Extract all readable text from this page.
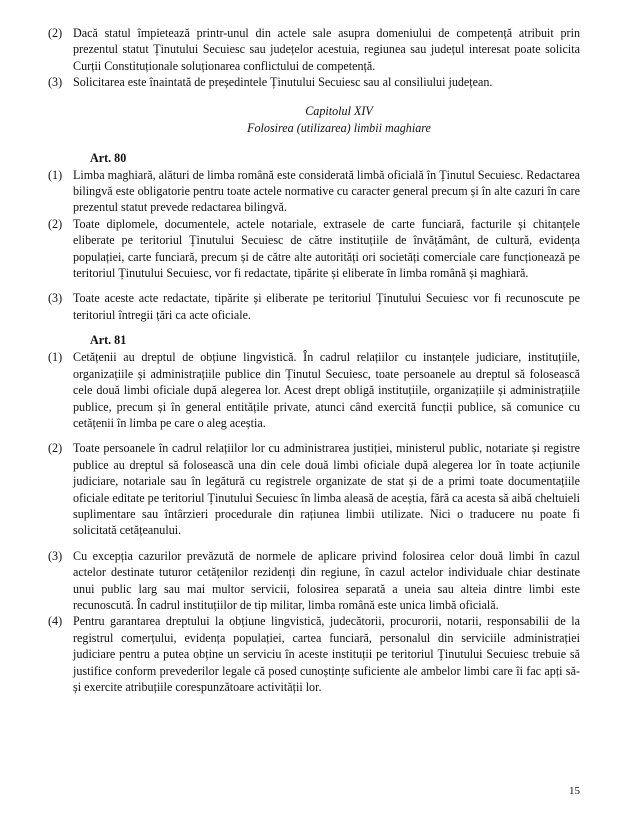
(2) Dacă statul împietează printr-unul din actele sale asupra domeniului de competență atribuit prin prezentul statut Ținutului Secuiesc sau județelor acestuia, regiunea sau județul interesat poate solicita Curții Constituționale soluționarea conflictului de competență.
(3) Solicitarea este înaintată de președintele Ținutului Secuiesc sau al consiliului județean.

Capitolul XIV

Folosirea (utilizarea) limbii maghiare

Art. 80

(1) Limba maghiară, alături de limba română este considerată limbă oficială în Ținutul Secuiesc. Redactarea bilingvă este obligatorie pentru toate actele normative cu caracter general precum și în alte cazuri în care prezentul statut prevede redactarea bilingvă.
(2) Toate diplomele, documentele, actele notariale, extrasele de carte funciară, facturile și chitanțele eliberate pe teritoriul Ținutului Secuiesc de către instituțiile de învățământ, de cultură, evidența populației, carte funciară, precum și de către alte autorități ori societăți comerciale care funcționează pe teritoriul Ținutului Secuiesc, vor fi redactate, tipărite și eliberate în limba română și maghiară.
(3) Toate aceste acte redactate, tipărite și eliberate pe teritoriul Ținutului Secuiesc vor fi recunoscute pe teritoriul întregii țări ca acte oficiale.

Art. 81

(1) Cetățenii au dreptul de obțiune lingvistică. În cadrul relațiilor cu instanțele judiciare, instituțiile, organizațiile și administrațiile publice din Ținutul Secuiesc, toate persoanele au dreptul să folosească cele două limbi oficiale după alegerea lor. Acest drept obligă instituțiile, organizațiile și administrațiile publice, precum și în general entitățile private, atunci când exercită funcții publice, să comunice cu cetățenii în limba pe care o aleg aceștia.
(2) Toate persoanele în cadrul relațiilor lor cu administrarea justiției, ministerul public, notariate și registre publice au dreptul să folosească una din cele două limbi oficiale după alegerea lor în toate acțiunile judiciare, notariale sau în legătură cu registrele organizate de stat și de a primi toate documentațiile oficiale editate pe teritoriul Ținutului Secuiesc în limba aleasă de aceștia, fără ca acesta să aibă cheltuieli suplimentare sau întârzieri procedurale din rațiunea limbii utilizate. Nici o traducere nu poate fi solicitată cetățeanului.
(3) Cu excepția cazurilor prevăzută de normele de aplicare privind folosirea celor două limbi în cazul actelor destinate tuturor cetățenilor rezidenți din regiune, în cazul actelor individuale chiar destinate unui public larg sau mai multor servicii, folosirea separată a uneia sau alteia dintre limbi este recunoscută. În cadrul instituțiilor de tip militar, limba română este unica limbă oficială.
(4) Pentru garantarea dreptului la obțiune lingvistică, judecătorii, procurorii, notarii, responsabilii de la registrul comerțului, evidența populației, cartea funciară, personalul din serviciile administrației judiciare pentru a putea obține un serviciu în aceste instituții pe teritoriul Ținutului Secuiesc trebuie să justifice conform prevederilor legale că posed cunoștințe suficiente ale ambelor limbi care îi fac apți să-și exercite atribuțiile corespunzătoare activității lor.
15
